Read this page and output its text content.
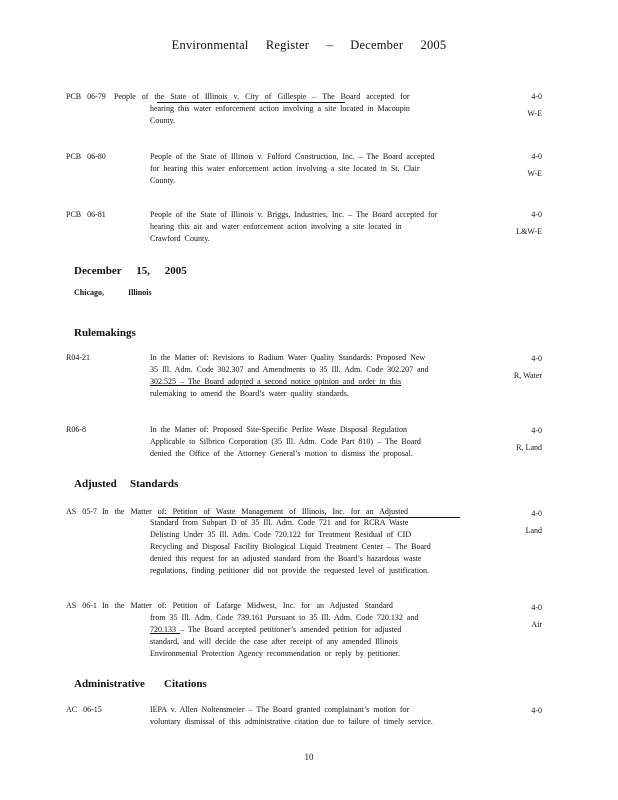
Environmental Register – December 2005
PCB 06-79 People of the State of Illinois v. City of Gillespie – The Board accepted for

hearing this water enforcement action involving a site located in Macoupin

County.

4-0
W-E
PCB 06-80	People of the State of Illinois v. Fulford Construction, Inc. – The Board accepted

for hearing this water enforcement action involving a site located in St. Clair

County.

4-0
W-E
PCB 06-81	People of the State of Illinois v. Briggs, Industries, Inc. – The Board accepted for

hearing this air and water enforcement action involving a site located in

Crawford County.

4-0
L&W-E
December 15, 2005
Chicago,	Illinois
Rulemakings
R04-21	In the Matter of: Revisions to Radium Water Quality Standards: Proposed New

35 Ill. Adm. Code 302.307 and Amendments to 35 Ill. Adm. Code 302.207 and

302.525 – The Board adopted a second notice opinion and order in this

rulemaking to amend the Board’s water quality standards.

4-0
R, Water
R06-8	In the Matter of: Proposed Site-Specific Perlite Waste Disposal Regulation

Applicable to Silbrico Corporation (35 Ill. Adm. Code Part 810) – The Board

denied the Office of the Attorney General’s motion to dismiss the proposal.

4-0
R, Land
Adjusted Standards
AS 05-7 In the Matter of: Petition of Waste Management of Illinois, Inc. for an Adjusted

Standard from Subpart D of 35 Ill. Adm. Code 721 and for RCRA Waste

Delisting Under 35 Ill. Adm. Code 720.122 for Treatment Residual of CID

Recycling and Disposal Facility Biological Liquid Treatment Center – The Board

denied this request for an adjusted standard from the Board’s hazardous waste

regulations, finding petitioner did not provide the requested level of justification.

4-0
Land
AS 06-1 In the Matter of: Petition of Lafarge Midwest, Inc. for an Adjusted Standard

from 35 Ill. Adm. Code 739.161 Pursuant to 35 Ill. Adm. Code 720.132 and

720.133 – The Board accepted petitioner’s amended petition for adjusted

standard, and will decide the case after receipt of any amended Illinois

Environmental Protection Agency recommendation or reply by petitioner.

4-0
Air
Administrative Citations
AC 06-15	IEPA v. Allen Noltensmeier – The Board granted complainant’s motion for

voluntary dismissal of this administrative citation due to failure of timely service.

4-0
10
